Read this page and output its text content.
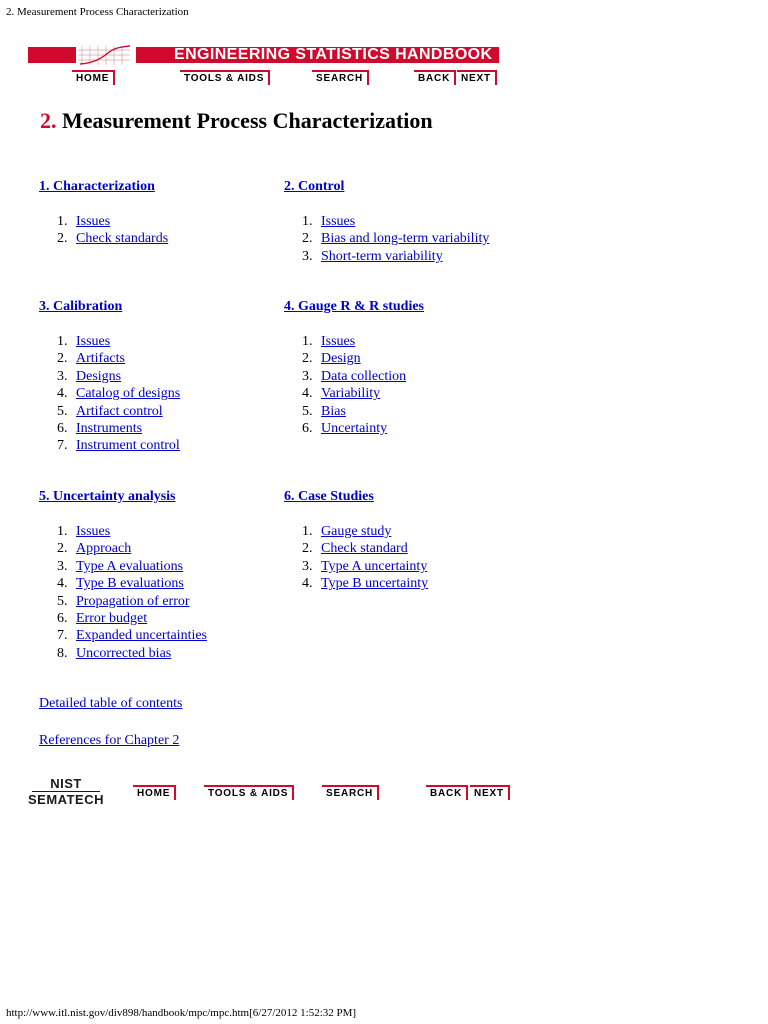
2. Measurement Process Characterization
ENGINEERING STATISTICS HANDBOOK
HOME	TOOLS & AIDS	SEARCH	BACK	NEXT
2. Measurement Process Characterization
1. Characterization
1. Issues
2. Check standards
2. Control
1. Issues
2. Bias and long-term variability
3. Short-term variability
3. Calibration
1. Issues
2. Artifacts
3. Designs
4. Catalog of designs
5. Artifact control
6. Instruments
7. Instrument control
4. Gauge R & R studies
1. Issues
2. Design
3. Data collection
4. Variability
5. Bias
6. Uncertainty
5. Uncertainty analysis
1. Issues
2. Approach
3. Type A evaluations
4. Type B evaluations
5. Propagation of error
6. Error budget
7. Expanded uncertainties
8. Uncorrected bias
6. Case Studies
1. Gauge study
2. Check standard
3. Type A uncertainty
4. Type B uncertainty
Detailed table of contents
References for Chapter 2
NIST
SEMATECH	HOME	TOOLS & AIDS	SEARCH	BACK	NEXT
http://www.itl.nist.gov/div898/handbook/mpc/mpc.htm[6/27/2012 1:52:32 PM]
